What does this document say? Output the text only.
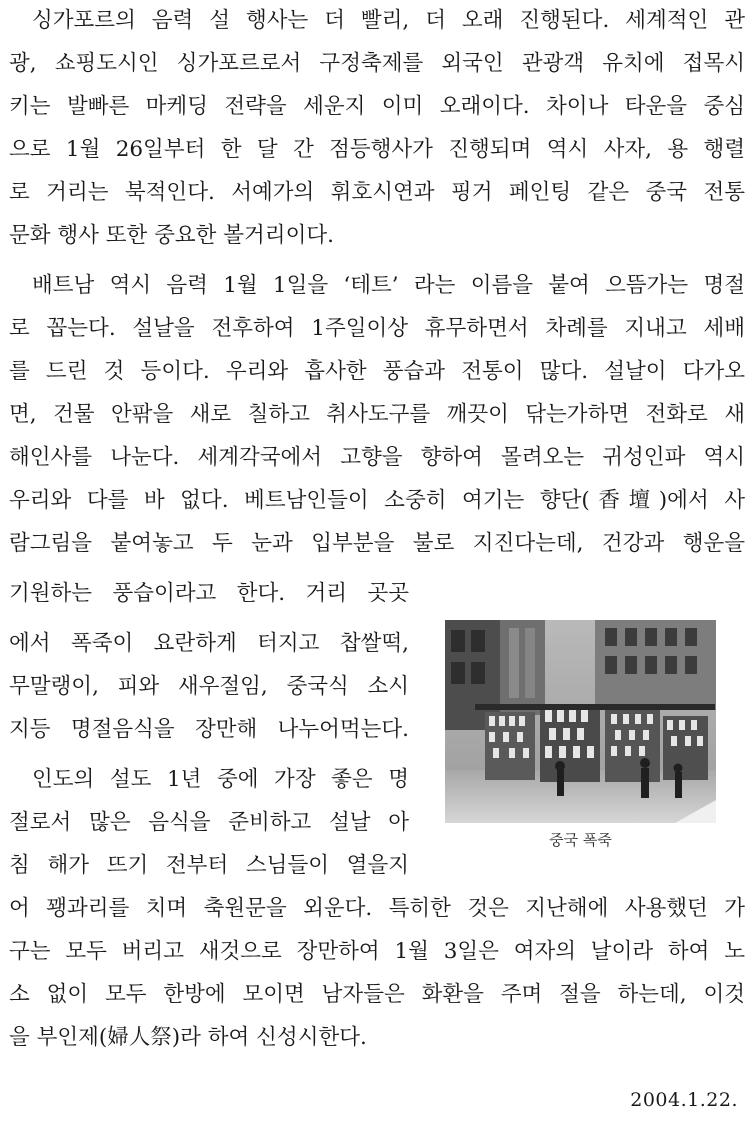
싱가포르의 음력 설 행사는 더 빨리, 더 오래 진행된다. 세계적인 관
광, 쇼핑도시인 싱가포르로서 구정축제를 외국인 관광객 유치에 접목시
키는 발빠른 마케딩 전략을 세운지 이미 오래이다. 차이나 타운을 중심
으로 1월 26일부터 한 달 간 점등행사가 진행되며 역시 사자, 용 행렬
로 거리는 북적인다. 서예가의 휘호시연과 핑거 페인팅 같은 중국 전통
문화 행사 또한 중요한 볼거리이다.
배트남 역시 음력 1월 1일을 ‘테트’ 라는 이름을 붙여 으뜸가는 명절
로 꼽는다. 설날을 전후하여 1주일이상 휴무하면서 차례를 지내고 세배
를 드린 것 등이다. 우리와 흡사한 풍습과 전통이 많다. 설날이 다가오
면, 건물 안팎을 새로 칠하고 취사도구를 깨끗이 닦는가하면 전화로 새
해인사를 나눈다. 세계각국에서 고향을 향하여 몰려오는 귀성인파 역시
우리와 다를 바 없다. 베트남인들이 소중히 여기는 향단(香壇)에서 사
람그림을 붙여놓고 두 눈과 입부분을 불로 지진다는데, 건강과 행운을
기원하는 풍습이라고 한다. 거리 곳곳
에서 폭죽이 요란하게 터지고 찹쌀떡,
무말랭이, 피와 새우절임, 중국식 소시
지등 명절음식을 장만해 나누어먹는다.
인도의 설도 1년 중에 가장 좋은 명
절로서 많은 음식을 준비하고 설날 아
침 해가 뜨기 전부터 스님들이 열을지
어 꽹과리를 치며 축원문을 외운다. 특히한 것은 지난해에 사용했던 가
구는 모두 버리고 새것으로 장만하여 1월 3일은 여자의 날이라 하여 노
소 없이 모두 한방에 모이면 남자들은 화환을 주며 절을 하는데, 이것
을 부인제(婦人祭)라 하여 신성시한다.
중국 폭죽
2004.1.22.
